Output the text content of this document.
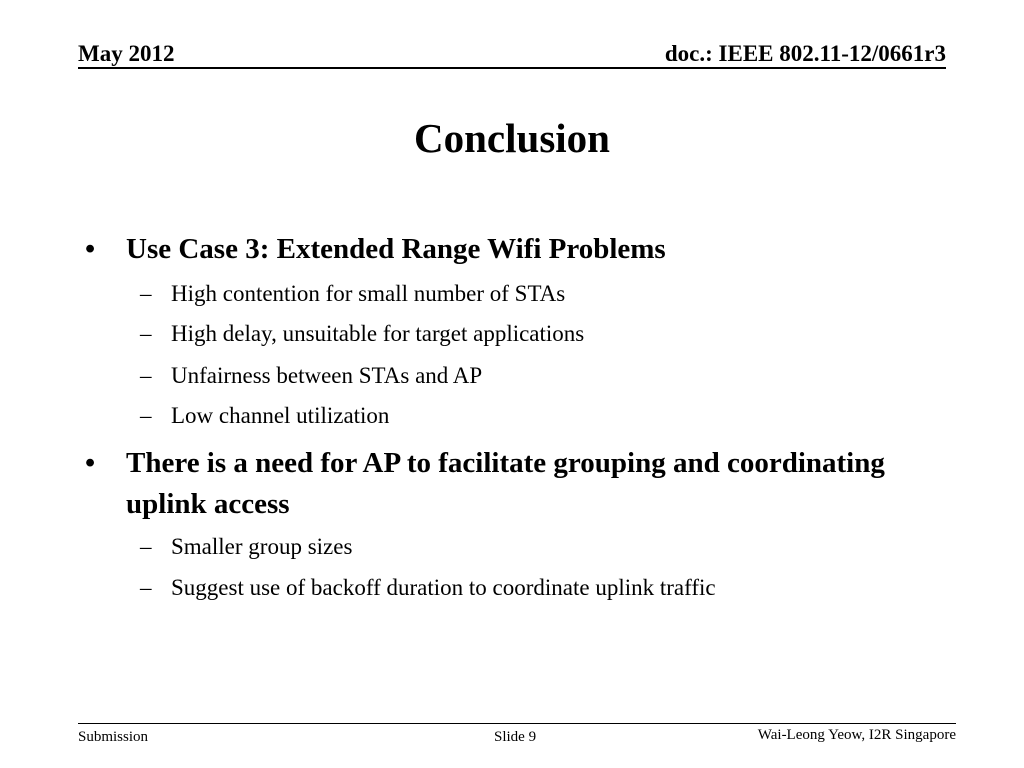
May 2012	doc.: IEEE 802.11-12/0661r3
Conclusion
•	Use Case 3: Extended Range Wifi Problems
– High contention for small number of STAs
– High delay, unsuitable for target applications
– Unfairness between STAs and AP
– Low channel utilization
•	There is a need for AP to facilitate grouping and coordinating uplink access
– Smaller group sizes
– Suggest use of backoff duration to coordinate uplink traffic
Submission	Slide 9	Wai-Leong Yeow, I2R Singapore
